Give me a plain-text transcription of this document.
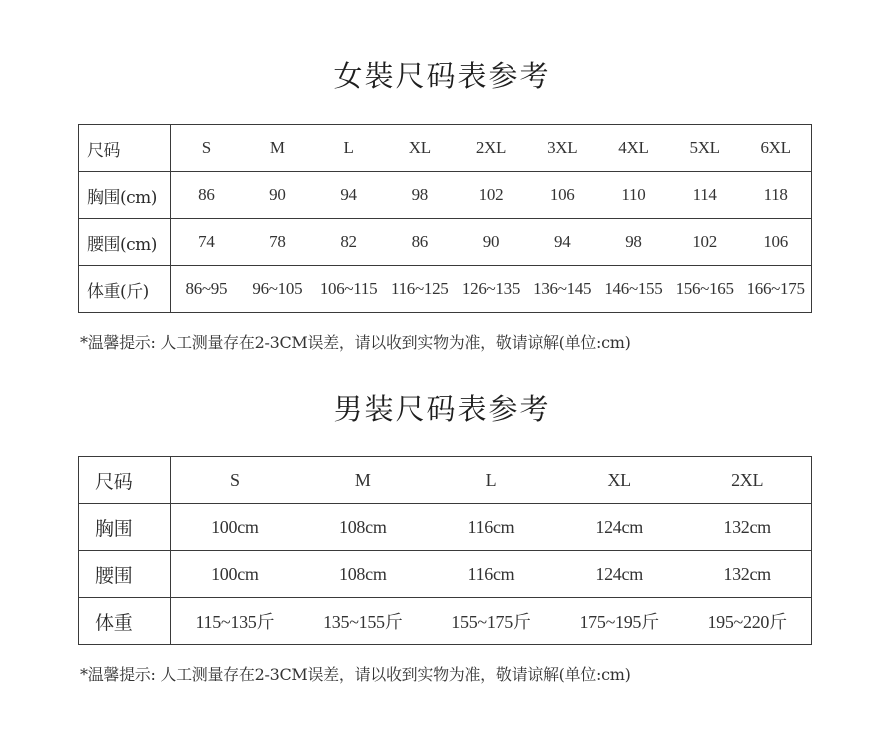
女裝尺码表参考
尺码	S	M	L	XL	2XL	3XL	4XL	5XL	6XL
胸围(cm)	86	90	94	98	102	106	110	114	118
腰围(cm)	74	78	82	86	90	94	98	102	106
体重(斤)	86~95	96~105	106~115	116~125	126~135	136~145	146~155	156~165	166~175
*温馨提示: 人工测量存在2-3CM误差，请以收到实物为准，敬请谅解(单位:cm)
男装尺码表参考
尺码	S	M	L	XL	2XL
胸围	100cm	108cm	116cm	124cm	132cm
腰围	100cm	108cm	116cm	124cm	132cm
体重	115~135斤	135~155斤	155~175斤	175~195斤	195~220斤
*温馨提示: 人工测量存在2-3CM误差，请以收到实物为准，敬请谅解(单位:cm)
